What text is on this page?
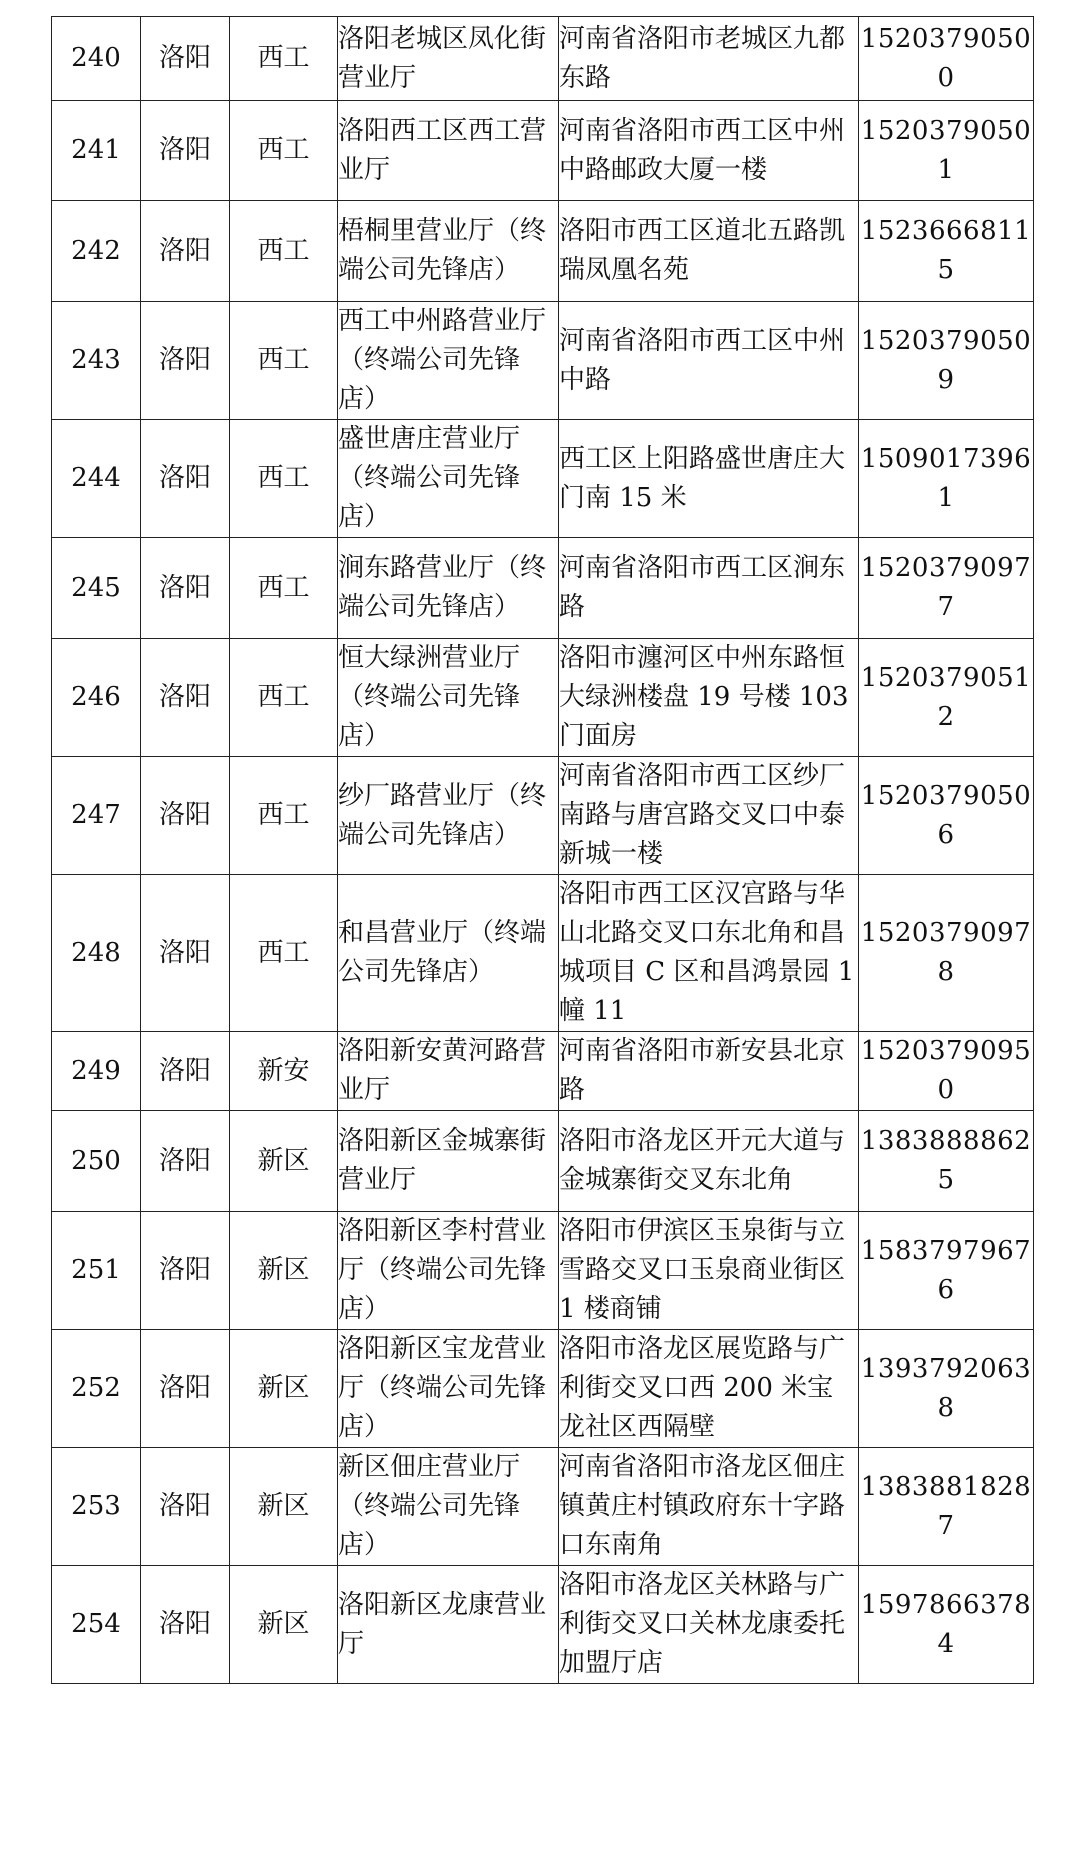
240	洛阳	西工	洛阳老城区凤化街营业厅	河南省洛阳市老城区九都东路	15203790500
241	洛阳	西工	洛阳西工区西工营业厅	河南省洛阳市西工区中州中路邮政大厦一楼	15203790501
242	洛阳	西工	梧桐里营业厅（终端公司先锋店）	洛阳市西工区道北五路凯瑞凤凰名苑	15236668115
243	洛阳	西工	西工中州路营业厅（终端公司先锋店）	河南省洛阳市西工区中州中路	15203790509
244	洛阳	西工	盛世唐庄营业厅（终端公司先锋店）	西工区上阳路盛世唐庄大门南 15 米	15090173961
245	洛阳	西工	涧东路营业厅（终端公司先锋店）	河南省洛阳市西工区涧东路	15203790977
246	洛阳	西工	恒大绿洲营业厅（终端公司先锋店）	洛阳市瀍河区中州东路恒大绿洲楼盘 19 号楼 103 门面房	15203790512
247	洛阳	西工	纱厂路营业厅（终端公司先锋店）	河南省洛阳市西工区纱厂南路与唐宫路交叉口中泰新城一楼	15203790506
248	洛阳	西工	和昌营业厅（终端公司先锋店）	洛阳市西工区汉宫路与华山北路交叉口东北角和昌城项目 C 区和昌鸿景园 1 幢 11	15203790978
249	洛阳	新安	洛阳新安黄河路营业厅	河南省洛阳市新安县北京路	15203790950
250	洛阳	新区	洛阳新区金城寨街营业厅	洛阳市洛龙区开元大道与金城寨街交叉东北角	13838888625
251	洛阳	新区	洛阳新区李村营业厅（终端公司先锋店）	洛阳市伊滨区玉泉街与立雪路交叉口玉泉商业街区 1 楼商铺	15837979676
252	洛阳	新区	洛阳新区宝龙营业厅（终端公司先锋店）	洛阳市洛龙区展览路与广利街交叉口西 200 米宝龙社区西隔壁	13937920638
253	洛阳	新区	新区佃庄营业厅（终端公司先锋店）	河南省洛阳市洛龙区佃庄镇黄庄村镇政府东十字路口东南角	13838818287
254	洛阳	新区	洛阳新区龙康营业厅	洛阳市洛龙区关林路与广利街交叉口关林龙康委托加盟厅店	15978663784
